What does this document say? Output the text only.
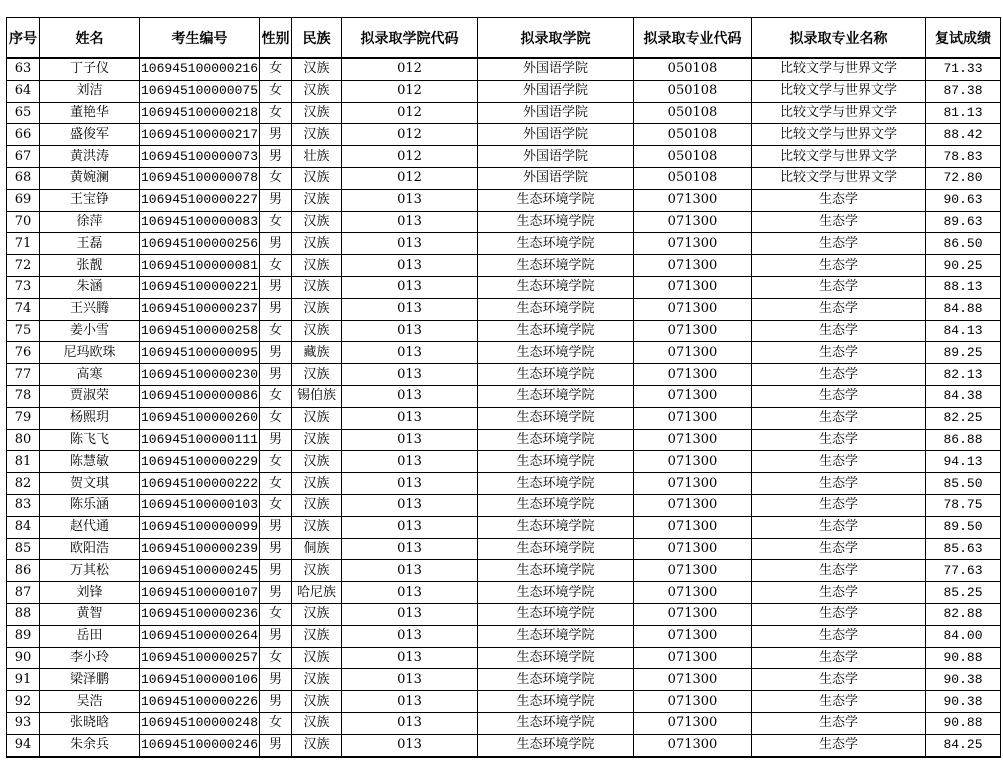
序号	姓名	考生编号	性别	民族	拟录取学院代码	拟录取学院	拟录取专业代码	拟录取专业名称	复试成绩
63	丁子仪	106945100000216	女	汉族	012	外国语学院	050108	比较文学与世界文学	71.33
64	刘洁	106945100000075	女	汉族	012	外国语学院	050108	比较文学与世界文学	87.38
65	董艳华	106945100000218	女	汉族	012	外国语学院	050108	比较文学与世界文学	81.13
66	盛俊军	106945100000217	男	汉族	012	外国语学院	050108	比较文学与世界文学	88.42
67	黄洪涛	106945100000073	男	壮族	012	外国语学院	050108	比较文学与世界文学	78.83
68	黄婉澜	106945100000078	女	汉族	012	外国语学院	050108	比较文学与世界文学	72.80
69	王宝铮	106945100000227	男	汉族	013	生态环境学院	071300	生态学	90.63
70	徐萍	106945100000083	女	汉族	013	生态环境学院	071300	生态学	89.63
71	王磊	106945100000256	男	汉族	013	生态环境学院	071300	生态学	86.50
72	张靓	106945100000081	女	汉族	013	生态环境学院	071300	生态学	90.25
73	朱涵	106945100000221	男	汉族	013	生态环境学院	071300	生态学	88.13
74	王兴腾	106945100000237	男	汉族	013	生态环境学院	071300	生态学	84.88
75	姜小雪	106945100000258	女	汉族	013	生态环境学院	071300	生态学	84.13
76	尼玛欧珠	106945100000095	男	藏族	013	生态环境学院	071300	生态学	89.25
77	高寒	106945100000230	男	汉族	013	生态环境学院	071300	生态学	82.13
78	贾淑荣	106945100000086	女	锡伯族	013	生态环境学院	071300	生态学	84.38
79	杨熙玥	106945100000260	女	汉族	013	生态环境学院	071300	生态学	82.25
80	陈飞飞	106945100000111	男	汉族	013	生态环境学院	071300	生态学	86.88
81	陈慧敏	106945100000229	女	汉族	013	生态环境学院	071300	生态学	94.13
82	贺文琪	106945100000222	女	汉族	013	生态环境学院	071300	生态学	85.50
83	陈乐涵	106945100000103	女	汉族	013	生态环境学院	071300	生态学	78.75
84	赵代通	106945100000099	男	汉族	013	生态环境学院	071300	生态学	89.50
85	欧阳浩	106945100000239	男	侗族	013	生态环境学院	071300	生态学	85.63
86	万其松	106945100000245	男	汉族	013	生态环境学院	071300	生态学	77.63
87	刘锋	106945100000107	男	哈尼族	013	生态环境学院	071300	生态学	85.25
88	黄智	106945100000236	女	汉族	013	生态环境学院	071300	生态学	82.88
89	岳田	106945100000264	男	汉族	013	生态环境学院	071300	生态学	84.00
90	李小玲	106945100000257	女	汉族	013	生态环境学院	071300	生态学	90.88
91	梁泽鹏	106945100000106	男	汉族	013	生态环境学院	071300	生态学	90.38
92	吴浩	106945100000226	男	汉族	013	生态环境学院	071300	生态学	90.38
93	张晓晗	106945100000248	女	汉族	013	生态环境学院	071300	生态学	90.88
94	朱余兵	106945100000246	男	汉族	013	生态环境学院	071300	生态学	84.25
